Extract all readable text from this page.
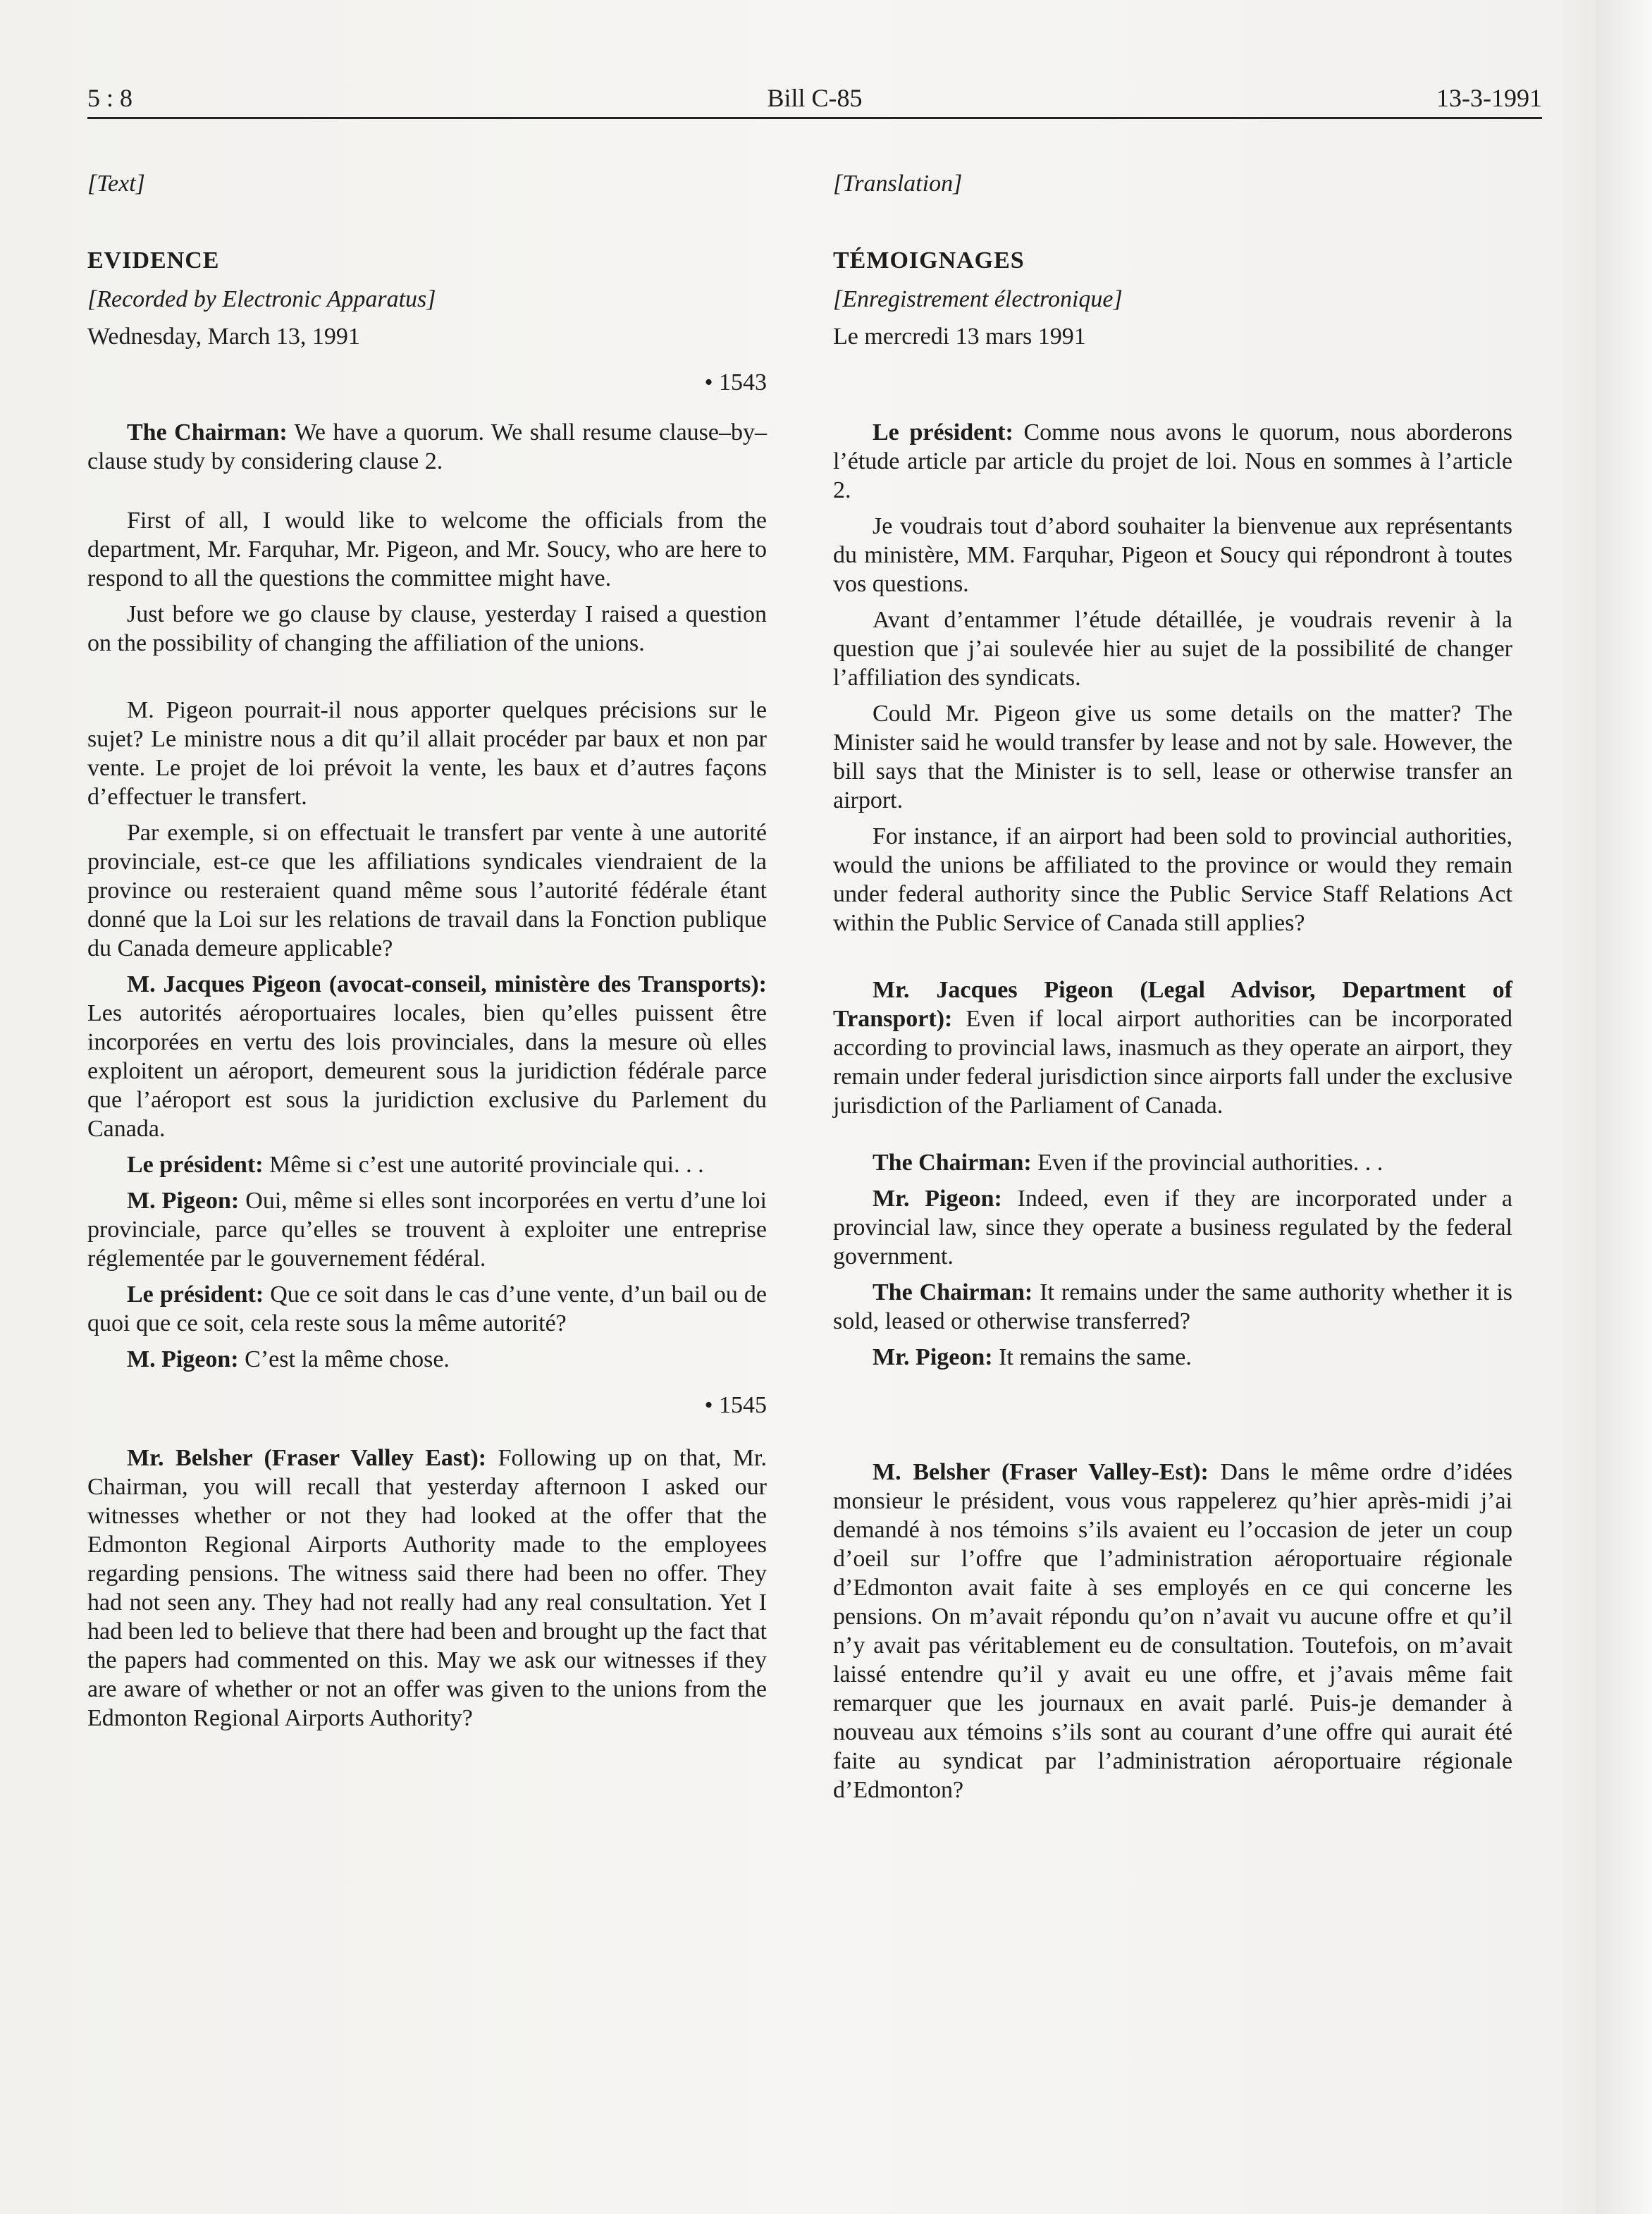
5 : 8	Bill C-85	13-3-1991

[Text]

EVIDENCE

[Recorded by Electronic Apparatus]

Wednesday, March 13, 1991

• 1543

The Chairman: We have a quorum. We shall resume clause–by–clause study by considering clause 2.

First of all, I would like to welcome the officials from the department, Mr. Farquhar, Mr. Pigeon, and Mr. Soucy, who are here to respond to all the questions the committee might have.

Just before we go clause by clause, yesterday I raised a question on the possibility of changing the affiliation of the unions.

M. Pigeon pourrait-il nous apporter quelques précisions sur le sujet? Le ministre nous a dit qu’il allait procéder par baux et non par vente. Le projet de loi prévoit la vente, les baux et d’autres façons d’effectuer le transfert.

Par exemple, si on effectuait le transfert par vente à une autorité provinciale, est-ce que les affiliations syndicales viendraient de la province ou resteraient quand même sous l’autorité fédérale étant donné que la Loi sur les relations de travail dans la Fonction publique du Canada demeure applicable?

M. Jacques Pigeon (avocat-conseil, ministère des Transports): Les autorités aéroportuaires locales, bien qu’elles puissent être incorporées en vertu des lois provinciales, dans la mesure où elles exploitent un aéroport, demeurent sous la juridiction fédérale parce que l’aéroport est sous la juridiction exclusive du Parlement du Canada.

Le président: Même si c’est une autorité provinciale qui. . .

M. Pigeon: Oui, même si elles sont incorporées en vertu d’une loi provinciale, parce qu’elles se trouvent à exploiter une entreprise réglementée par le gouvernement fédéral.

Le président: Que ce soit dans le cas d’une vente, d’un bail ou de quoi que ce soit, cela reste sous la même autorité?

M. Pigeon: C’est la même chose.

• 1545

Mr. Belsher (Fraser Valley East): Following up on that, Mr. Chairman, you will recall that yesterday afternoon I asked our witnesses whether or not they had looked at the offer that the Edmonton Regional Airports Authority made to the employees regarding pensions. The witness said there had been no offer. They had not seen any. They had not really had any real consultation. Yet I had been led to believe that there had been and brought up the fact that the papers had commented on this. May we ask our witnesses if they are aware of whether or not an offer was given to the unions from the Edmonton Regional Airports Authority?

[Translation]

TÉMOIGNAGES

[Enregistrement électronique]

Le mercredi 13 mars 1991

Le président: Comme nous avons le quorum, nous aborderons l’étude article par article du projet de loi. Nous en sommes à l’article 2.

Je voudrais tout d’abord souhaiter la bienvenue aux représentants du ministère, MM. Farquhar, Pigeon et Soucy qui répondront à toutes vos questions.

Avant d’entammer l’étude détaillée, je voudrais revenir à la question que j’ai soulevée hier au sujet de la possibilité de changer l’affiliation des syndicats.

Could Mr. Pigeon give us some details on the matter? The Minister said he would transfer by lease and not by sale. However, the bill says that the Minister is to sell, lease or otherwise transfer an airport.

For instance, if an airport had been sold to provincial authorities, would the unions be affiliated to the province or would they remain under federal authority since the Public Service Staff Relations Act within the Public Service of Canada still applies?

Mr. Jacques Pigeon (Legal Advisor, Department of Transport): Even if local airport authorities can be incorporated according to provincial laws, inasmuch as they operate an airport, they remain under federal jurisdiction since airports fall under the exclusive jurisdiction of the Parliament of Canada.

The Chairman: Even if the provincial authorities. . .

Mr. Pigeon: Indeed, even if they are incorporated under a provincial law, since they operate a business regulated by the federal government.

The Chairman: It remains under the same authority whether it is sold, leased or otherwise transferred?

Mr. Pigeon: It remains the same.

M. Belsher (Fraser Valley-Est): Dans le même ordre d’idées monsieur le président, vous vous rappelerez qu’hier après-midi j’ai demandé à nos témoins s’ils avaient eu l’occasion de jeter un coup d’oeil sur l’offre que l’administration aéroportuaire régionale d’Edmonton avait faite à ses employés en ce qui concerne les pensions. On m’avait répondu qu’on n’avait vu aucune offre et qu’il n’y avait pas véritablement eu de consultation. Toutefois, on m’avait laissé entendre qu’il y avait eu une offre, et j’avais même fait remarquer que les journaux en avait parlé. Puis-je demander à nouveau aux témoins s’ils sont au courant d’une offre qui aurait été faite au syndicat par l’administration aéroportuaire régionale d’Edmonton?
